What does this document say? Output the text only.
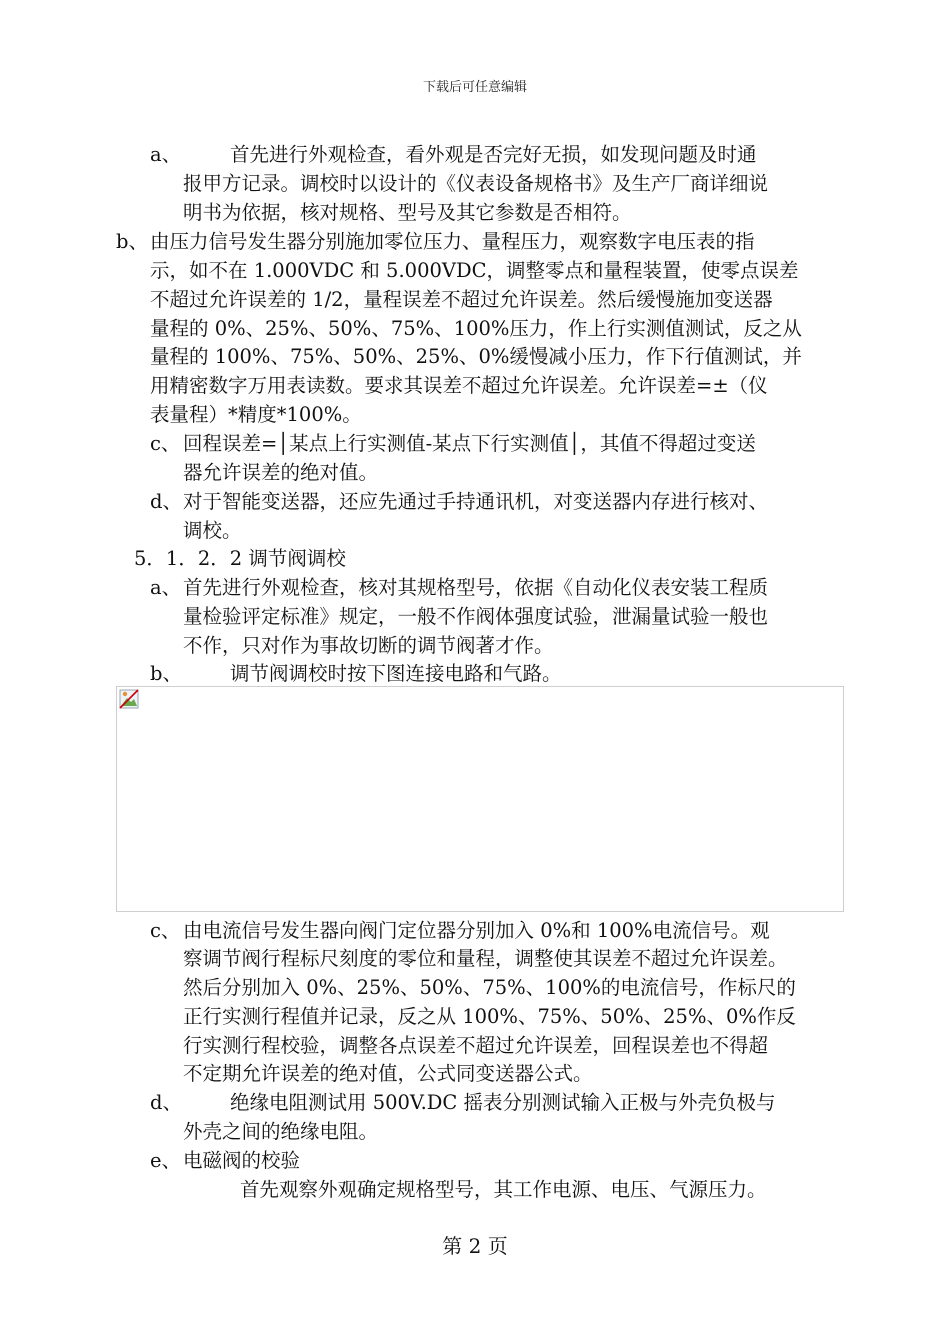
下载后可任意编辑
a、	首先进行外观检查，看外观是否完好无损，如发现问题及时通
报甲方记录。调校时以设计的《仪表设备规格书》及生产厂商详细说
明书为依据，核对规格、型号及其它参数是否相符。
b、 由压力信号发生器分别施加零位压力、量程压力，观察数字电压表的指
示，如不在 1.000VDC 和 5.000VDC，调整零点和量程装置，使零点误差
不超过允许误差的 1/2，量程误差不超过允许误差。然后缓慢施加变送器
量程的 0%、25%、50%、75%、100%压力，作上行实测值测试，反之从
量程的 100%、75%、50%、25%、0%缓慢减小压力，作下行值测试，并
用精密数字万用表读数。要求其误差不超过允许误差。允许误差=±（仪
表量程）*精度*100%。
c、 回程误差=│某点上行实测值-某点下行实测值│，其值不得超过变送
器允许误差的绝对值。
d、 对于智能变送器，还应先通过手持通讯机，对变送器内存进行核对、
调校。
5．1．2．2 调节阀调校
a、 首先进行外观检查，核对其规格型号，依据《自动化仪表安装工程质
量检验评定标准》规定，一般不作阀体强度试验，泄漏量试验一般也
不作，只对作为事故切断的调节阀著才作。
b、 调节阀调校时按下图连接电路和气路。
c、 由电流信号发生器向阀门定位器分别加入 0%和 100%电流信号。观
察调节阀行程标尺刻度的零位和量程，调整使其误差不超过允许误差。
然后分别加入 0%、25%、50%、75%、100%的电流信号，作标尺的
正行实测行程值并记录，反之从 100%、75%、50%、25%、0%作反
行实测行程校验，调整各点误差不超过允许误差，回程误差也不得超
不定期允许误差的绝对值，公式同变送器公式。
d、 绝缘电阻测试用 500V.DC 摇表分别测试输入正极与外壳负极与
外壳之间的绝缘电阻。
e、 电磁阀的校验
首先观察外观确定规格型号，其工作电源、电压、气源压力。
第 2 页
